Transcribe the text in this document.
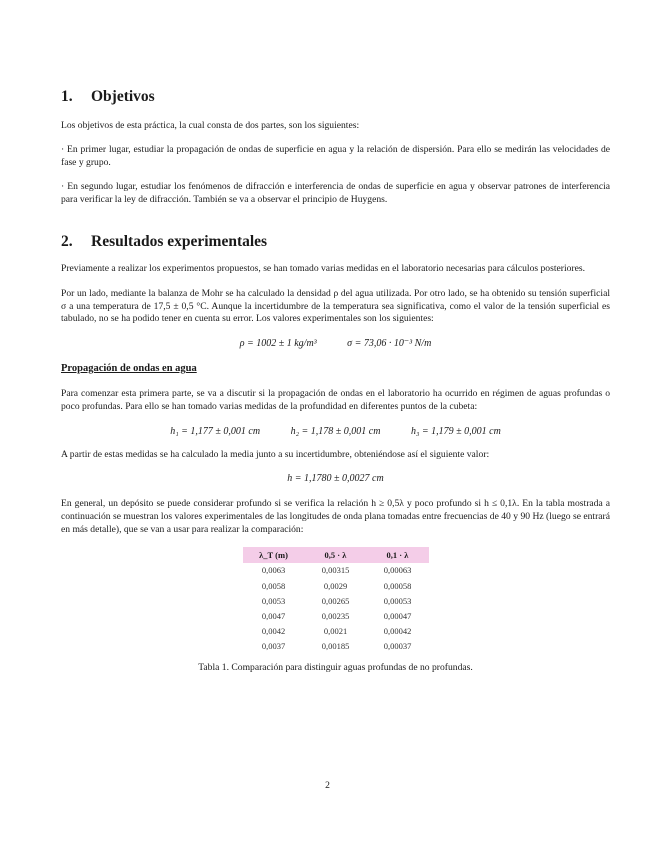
1. Objetivos

Los objetivos de esta práctica, la cual consta de dos partes, son los siguientes:

· En primer lugar, estudiar la propagación de ondas de superficie en agua y la relación de dispersión. Para ello se medirán las velocidades de fase y grupo.

· En segundo lugar, estudiar los fenómenos de difracción e interferencia de ondas de superficie en agua y observar patrones de interferencia para verificar la ley de difracción. También se va a observar el principio de Huygens.

2. Resultados experimentales

Previamente a realizar los experimentos propuestos, se han tomado varias medidas en el laboratorio necesarias para cálculos posteriores.

Por un lado, mediante la balanza de Mohr se ha calculado la densidad ρ del agua utilizada. Por otro lado, se ha obtenido su tensión superficial σ a una temperatura de 17,5 ± 0,5 °C. Aunque la incertidumbre de la temperatura sea significativa, como el valor de la tensión superficial es tabulado, no se ha podido tener en cuenta su error. Los valores experimentales son los siguientes:

ρ = 1002 ± 1 kg/m³	σ = 73,06 · 10⁻³ N/m

Propagación de ondas en agua

Para comenzar esta primera parte, se va a discutir si la propagación de ondas en el laboratorio ha ocurrido en régimen de aguas profundas o poco profundas. Para ello se han tomado varias medidas de la profundidad en diferentes puntos de la cubeta:

h₁ = 1,177 ± 0,001 cm	h₂ = 1,178 ± 0,001 cm	h₃ = 1,179 ± 0,001 cm

A partir de estas medidas se ha calculado la media junto a su incertidumbre, obteniéndose así el siguiente valor:

h = 1,1780 ± 0,0027 cm

En general, un depósito se puede considerar profundo si se verifica la relación h ≥ 0,5λ y poco profundo si h ≤ 0,1λ. En la tabla mostrada a continuación se muestran los valores experimentales de las longitudes de onda plana tomadas entre frecuencias de 40 y 90 Hz (luego se entrará en más detalle), que se van a usar para realizar la comparación:

λ_T (m)	0,5 · λ	0,1 · λ
0,0063	0,00315	0,00063
0,0058	0,0029	0,00058
0,0053	0,00265	0,00053
0,0047	0,00235	0,00047
0,0042	0,0021	0,00042
0,0037	0,00185	0,00037

Tabla 1. Comparación para distinguir aguas profundas de no profundas.

2
